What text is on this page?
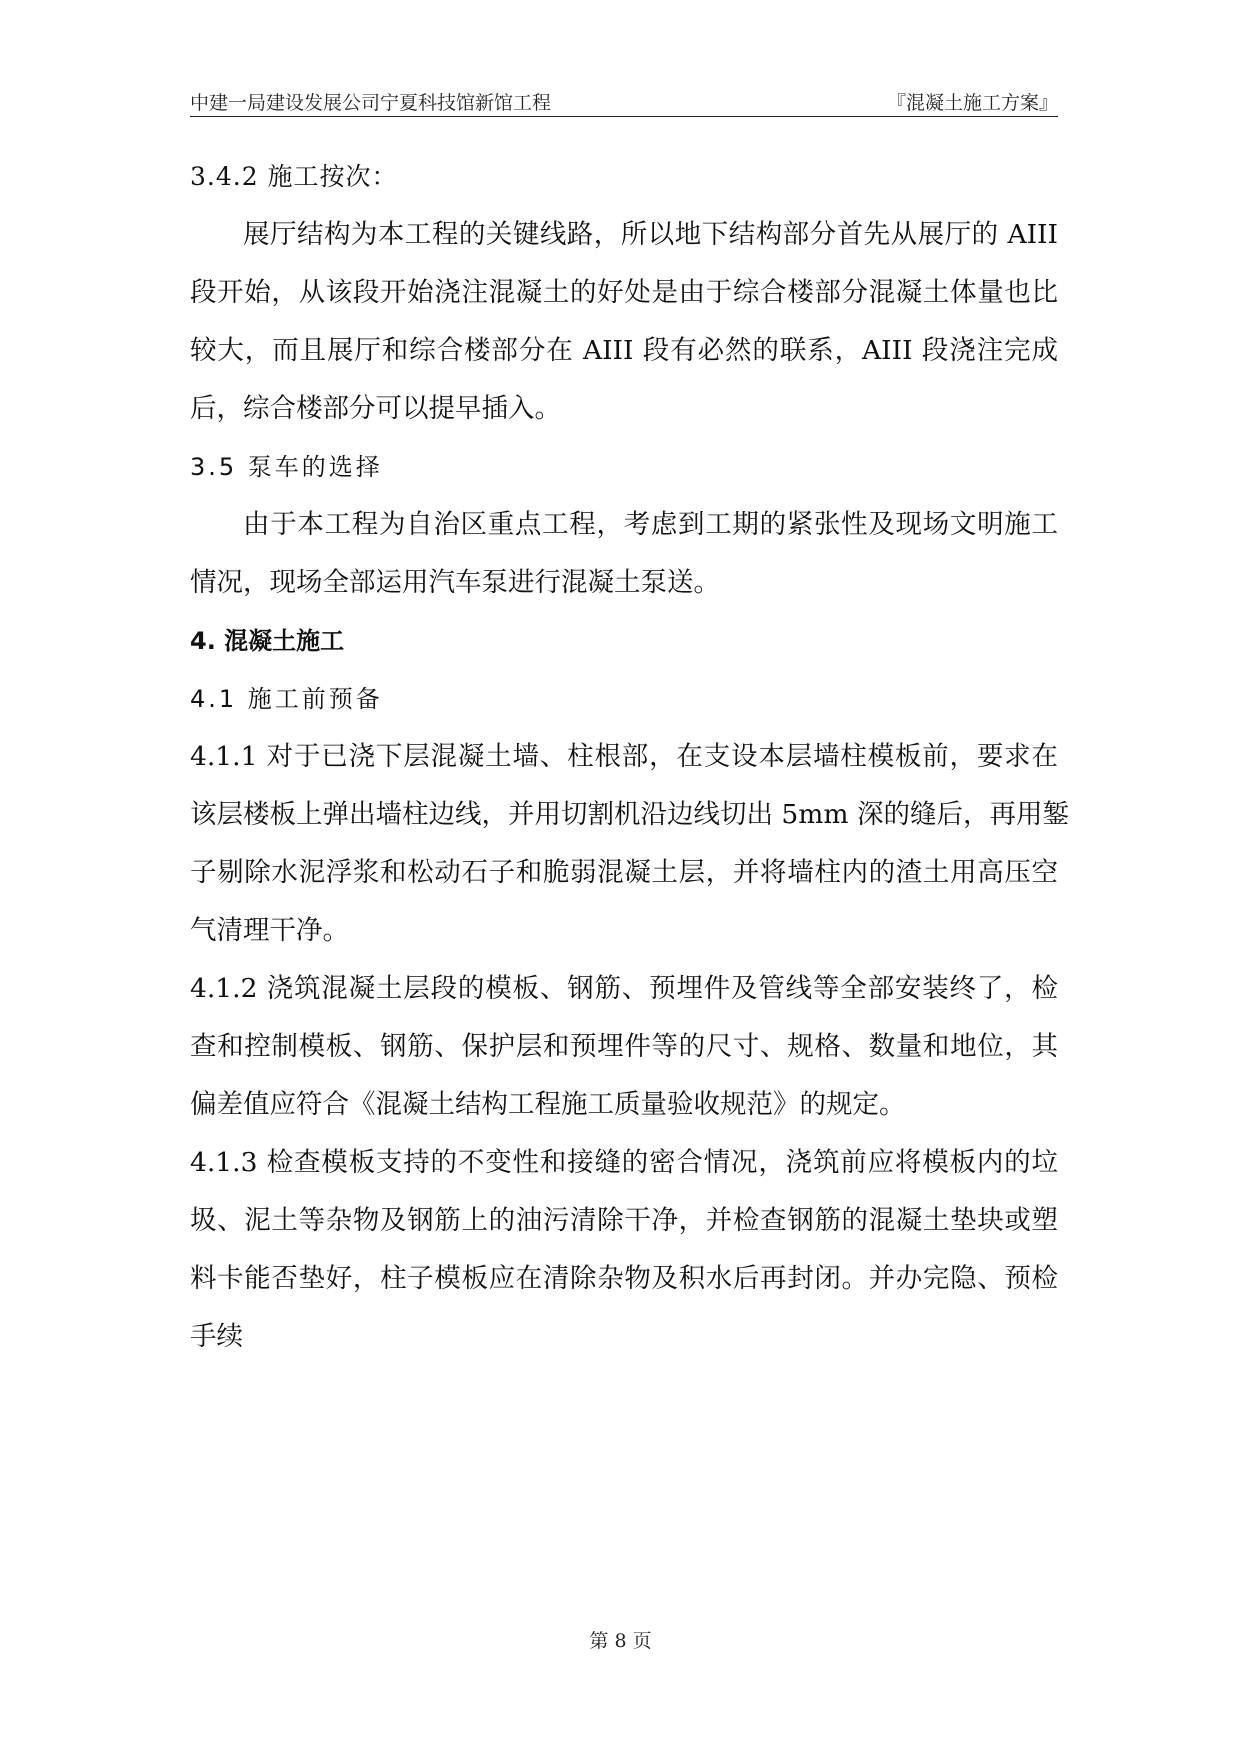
中建一局建设发展公司宁夏科技馆新馆工程	『混凝土施工方案』
3.4.2 施工按次：
展厅结构为本工程的关键线路，所以地下结构部分首先从展厅的 AIII
段开始，从该段开始浇注混凝土的好处是由于综合楼部分混凝土体量也比
较大，而且展厅和综合楼部分在 AIII 段有必然的联系，AIII 段浇注完成
后，综合楼部分可以提早插入。
3.5 泵车的选择
由于本工程为自治区重点工程，考虑到工期的紧张性及现场文明施工
情况，现场全部运用汽车泵进行混凝土泵送。
4. 混凝土施工
4.1 施工前预备
4.1.1 对于已浇下层混凝土墙、柱根部，在支设本层墙柱模板前，要求在
该层楼板上弹出墙柱边线，并用切割机沿边线切出 5mm 深的缝后，再用錾
子剔除水泥浮浆和松动石子和脆弱混凝土层，并将墙柱内的渣土用高压空
气清理干净。
4.1.2 浇筑混凝土层段的模板、钢筋、预埋件及管线等全部安装终了，检
查和控制模板、钢筋、保护层和预埋件等的尺寸、规格、数量和地位，其
偏差值应符合《混凝土结构工程施工质量验收规范》的规定。
4.1.3 检查模板支持的不变性和接缝的密合情况，浇筑前应将模板内的垃
圾、泥土等杂物及钢筋上的油污清除干净，并检查钢筋的混凝土垫块或塑
料卡能否垫好，柱子模板应在清除杂物及积水后再封闭。并办完隐、预检
手续
第 8 页
